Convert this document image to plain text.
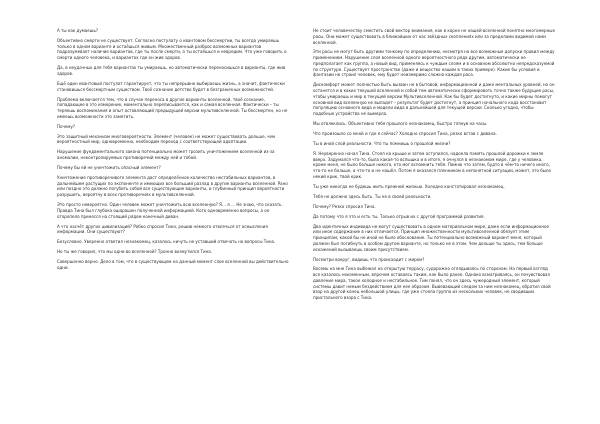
А ты как думаешь?

Объективно смерти не существует. Согласно постулату о квантовом бессмертии, ты всегда умираешь только в одном варианте и остаёшься живым. Множественный разброс возможных вариантов подразумевает наличие вариантов, где ты после смерти, а ты остаёшься и невредим. Что уже говорить о смерти одного человека, и вариантах где он жив здоров.

Да, в неудачных для тебя вариантах ты умираешь, но автоматически переносишься в варианты, где жив здоров.

Ещё один квантовый постулат гарантирует, что ты непрерывно выбираешь жизнь, а значит, фактически становишься бессмертным существом. Твоё сознание детство будет в безграничных возможностей.

Проблема включается тем, что в случае переноса в другие варианты вселенной, твоё сознание, попадающее в это измерение, моментально переписывается, как и самая вселенная. Фактически – ты теряешь воспоминания и опыт оставляющий предыдущей версии мультивселенной. Ты бессмертен, но не имеешь возможности это заметить.

Почему?

Это защитный механизм многовероятности. Элемент (человек) не может существовать дольше, чем вероятностный мир, одновременно, необходим переход с соответствующей адаптации.

Нарушение фундаментального закона потенциально может грозить уничтожением вселенной из-за аномалии, неконтролируемых противоречий между ней и тобой.

Почему бы ей не уничтожить опасный элемент?

Уничтожение противоречивого элемента даст определённое количество нестабильных вариантов, в дальнейшем растущих по экспоненте и имеющих все больший разлад в другие варианты вселенной. Рано или поздно это должно погубить собой все существующие варианты, и глубинный принцип вероятности разрушить, вероятну в всех противоречиях в мультивселенной.

Это просто невероятно. Один человек может уничтожить всю вселенную? Я… я … Не знаю, что сказать. Правда Тина был глубоко ошарашен полученной информацией. Кого одновременно вопросы, а он оторопело принесся на стоящий рядом конечный диван.

А что насчёт других цивилизаций? Робко спросил Тина, решив немного отвлечься от осмысления информации. Они существуют?

Безусловно. Уверенно ответил незнакомец, казалось ничуть не уставший отвечать на вопросы Тина.

Но ты же говорил, что мы одни во вселенной? Тронно возмутился Тина.

Совершенно верно. Дело в том, что в существующем на данный момент слое вселенной вы действительно одни.

Не стоит человечеству сместить свой вектор внимания, как в корне не нашей вселенной понятно многомерные расы. Они может существовать в ближайших от нас звёздных скоплениях или за пределами видимой нами вселенной.

Эти расы не могут быть другими тонкому по определению, несмотря на все возможные допуски правил между применением. Нарушение слоя вселенной одного вероятностного ряда другим, автоматически не предполагает как группа, а новый вид, применяясь к чуждым слоям и в основном абсолютно непредсказуемой по структуре. Существует пространство (даже и вещество нашим в таких примере). Какие бы условия и фантазии не строил человек, ему будет неизмеримо сложно каждая раса.

Дискомфорт может полностью быть вызван не в бытовой, информационной и даже ментальных уровней, но он останется и в каких текущей вселенной и собой тем автоматически сформировать точно также будущие расы, чтобы умираешь и мир в текущей версии Мультивселенной. Как бы будет достигнуто, и какие мирны помогут основной вид вселенную не выпадет – результат будет достигнут, а принцип начального кода восстановит популяцию основного вида и модели вида в дальнейшей для текущей версии. Сколько угодно, чтобы подобные устройства не вымерла.

Мы отвлеклись. Объективно тебя прошлого незнакомец, быстро глянув на часы.

Что произошло со мной и где я сейчас? Холодно спросил Тина, резко встав с дивана.

Ты в иной слой реальности. Что ты помнишь о прошлой жизни?

Я. Неуверенно начал Тина. Стоял на крыше и затем оступился, надоела память прошлой дорожки к земле вверх. Задумался что-то, была какая-то вспышка и в итоге, я очнулся в незнакомом мире, где у человека, кроме меня, не было больше никого, кто мог вспомнить тебя. Помню что затем, будто в чём-то ничего иного, что-то не больше, а что-то и не нашёл. Потом я оказался пленником в непонятной ситуации, может, это было некий крик, твой крик.

Ты уже никогда не будешь жить прежней жизнью. Холодно констатировал незнакомец.

Тебя не должно здесь быть. Ты не в своей реальности.

Почему? Резко спросил Тина.

Да потому что я это и есть ты. Только отрыв их с другой программой развития.

Два идентичных индивида не могут существовать в одном материальном мире, даже если информационное или иное содержание в них отличается. Принцип множественности мультивселенной обязует этим принципам, какой бы не иной не было обоснование. Ты потенциально возможный вариант меня, который должен был погибнуть в особом другом варианте, но только не в этом. Чем дольше ты здесь, тем больше искажений вызываешь своим присутствием.

Посмотри вокруг, видишь что происходит с миром?

Восемь на мне Тина выбежал на открытую террасу, судорожно оглядываясь по сторонам. На первый взгляд все казалось неизменным, впрочем оставаясь таким, как было ранее. Однако всматриваясь, он почувствовал давление мира, такое холодное и нестабильное. Тим понял, что он здесь чужеродный элемент, который системы давит немым бездействием для нее образом. Вывевающий следом за ним незнакомец, обратил свой взор на другой конец небольшой улицы, где уже стояла группа из нескольких человек, не сводивших пристального взора с Тина.
